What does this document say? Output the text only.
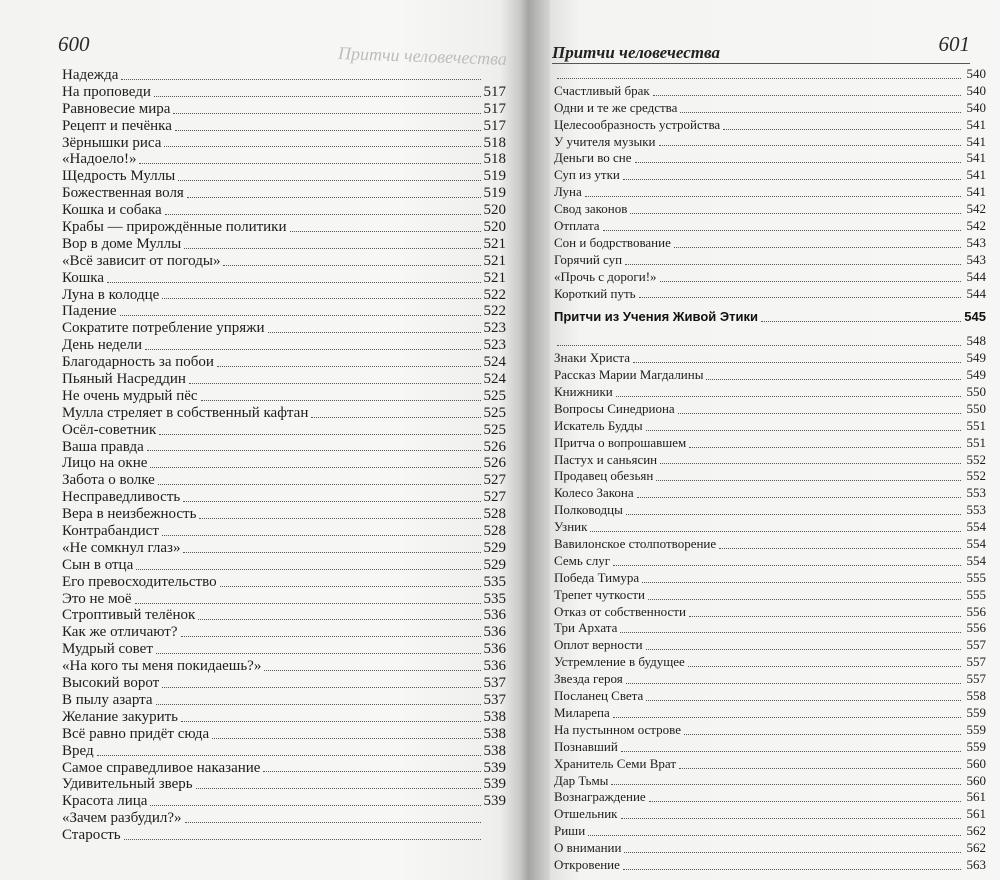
600	Притчи человечества
Надежда
На проповеди	517
Равновесие мира	517
Рецепт и печёнка	517
Зёрнышки риса	518
«Надоело!»	518
Щедрость Муллы	519
Божественная воля	519
Кошка и собака	520
Крабы — прирождённые политики	520
Вор в доме Муллы	521
«Всё зависит от погоды»	521
Кошка	521
Луна в колодце	522
Падение	522
Сократите потребление упряжи	523
День недели	523
Благодарность за побои	524
Пьяный Насреддин	524
Не очень мудрый пёс	525
Мулла стреляет в собственный кафтан	525
Осёл-советник	525
Ваша правда	526
Лицо на окне	526
Забота о волке	527
Несправедливость	527
Вера в неизбежность	528
Контрабандист	528
«Не сомкнул глаз»	529
Сын в отца	529
Его превосходительство	535
Это не моё	535
Строптивый телёнок	536
Как же отличают?	536
Мудрый совет	536
«На кого ты меня покидаешь?»	536
Высокий ворот	537
В пылу азарта	537
Желание закурить	538
Всё равно придёт сюда	538
Вред	538
Самое справедливое наказание	539
Удивительный зверь	539
Красота лица	539
«Зачем разбудил?»
Старость
Притчи человечества	601
540
Счастливый брак	540
Одни и те же средства	540
Целесообразность устройства	541
У учителя музыки	541
Деньги во сне	541
Суп из утки	541
Луна	541
Свод законов	542
Отплата	542
Сон и бодрствование	543
Горячий суп	543
«Прочь с дороги!»	544
Короткий путь	544
Притчи из Учения Живой Этики	545
548
Знаки Христа	549
Рассказ Марии Магдалины	549
Книжники	550
Вопросы Синедриона	550
Искатель Будды	551
Притча о вопрошавшем	551
Пастух и саньясин	552
Продавец обезьян	552
Колесо Закона	553
Полководцы	553
Узник	554
Вавилонское столпотворение	554
Семь слуг	554
Победа Тимура	555
Трепет чуткости	555
Отказ от собственности	556
Три Архата	556
Оплот верности	557
Устремление в будущее	557
Звезда героя	557
Посланец Света	558
Миларепа	559
На пустынном острове	559
Познавший	559
Хранитель Семи Врат	560
Дар Тьмы	560
Вознаграждение	561
Отшельник	561
Риши	562
О внимании	562
Откровение	563
